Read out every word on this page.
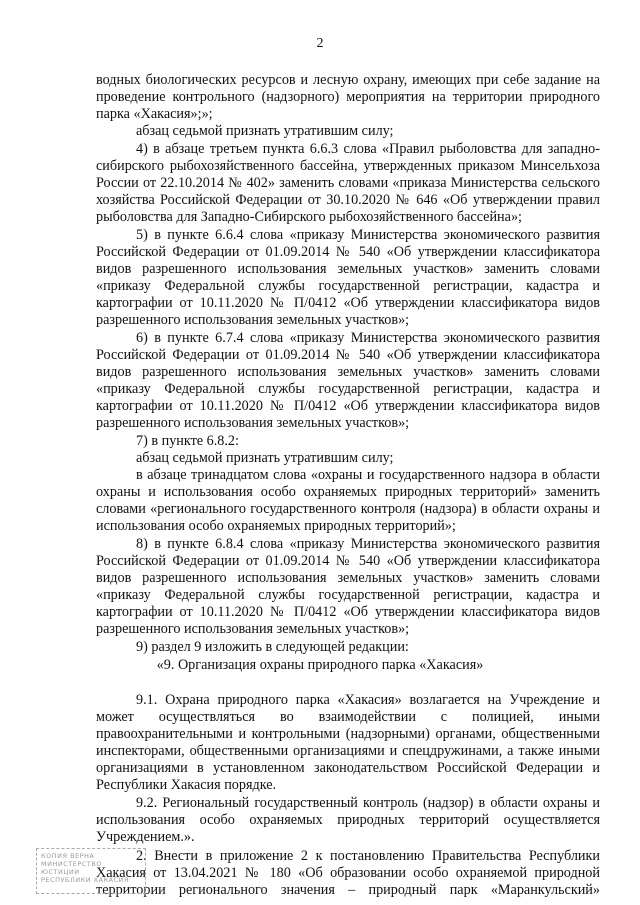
2
водных биологических ресурсов и лесную охрану, имеющих при себе задание на
проведение контрольного (надзорного) мероприятия на территории природного
парка «Хакасия»;»;
абзац седьмой признать утратившим силу;
4) в абзаце третьем пункта 6.6.3 слова «Правил рыболовства для западно-
сибирского рыбохозяйственного бассейна, утвержденных приказом Минсельхоза
России от 22.10.2014 № 402» заменить словами «приказа Министерства сельского
хозяйства Российской Федерации от 30.10.2020 № 646 «Об утверждении правил
рыболовства для Западно-Сибирского рыбохозяйственного бассейна»;
5) в пункте 6.6.4 слова «приказу Министерства экономического развития
Российской Федерации от 01.09.2014 № 540 «Об утверждении классификатора
видов разрешенного использования земельных участков» заменить словами
«приказу Федеральной службы государственной регистрации, кадастра и
картографии от 10.11.2020 № П/0412 «Об утверждении классификатора видов
разрешенного использования земельных участков»;
6) в пункте 6.7.4 слова «приказу Министерства экономического развития
Российской Федерации от 01.09.2014 № 540 «Об утверждении классификатора
видов разрешенного использования земельных участков» заменить словами
«приказу Федеральной службы государственной регистрации, кадастра и
картографии от 10.11.2020 № П/0412 «Об утверждении классификатора видов
разрешенного использования земельных участков»;
7) в пункте 6.8.2:
абзац седьмой признать утратившим силу;
в абзаце тринадцатом слова «охраны и государственного надзора в области
охраны и использования особо охраняемых природных территорий» заменить
словами «регионального государственного контроля (надзора) в области охраны и
использования особо охраняемых природных территорий»;
8) в пункте 6.8.4 слова «приказу Министерства экономического развития
Российской Федерации от 01.09.2014 № 540 «Об утверждении классификатора
видов разрешенного использования земельных участков» заменить словами
«приказу Федеральной службы государственной регистрации, кадастра и
картографии от 10.11.2020 № П/0412 «Об утверждении классификатора видов
разрешенного использования земельных участков»;
9) раздел 9 изложить в следующей редакции:
«9. Организация охраны природного парка «Хакасия»
9.1. Охрана природного парка «Хакасия» возлагается на Учреждение и
может осуществляться во взаимодействии с полицией, иными
правоохранительными и контрольными (надзорными) органами, общественными
инспекторами, общественными организациями и спецдружинами, а также иными
организациями в установленном законодательством Российской Федерации и
Республики Хакасия порядке.
9.2. Региональный государственный контроль (надзор) в области охраны и
использования особо охраняемых природных территорий осуществляется
Учреждением.».
2. Внести в приложение 2 к постановлению Правительства Республики
Хакасия от 13.04.2021 № 180 «Об образовании особо охраняемой природной
территории регионального значения – природный парк «Маранкульский»
КОПИЯ ВЕРНА
МИНИСТЕРСТВО ЮСТИЦИИ
РЕСПУБЛИКИ ХАКАСИЯ
